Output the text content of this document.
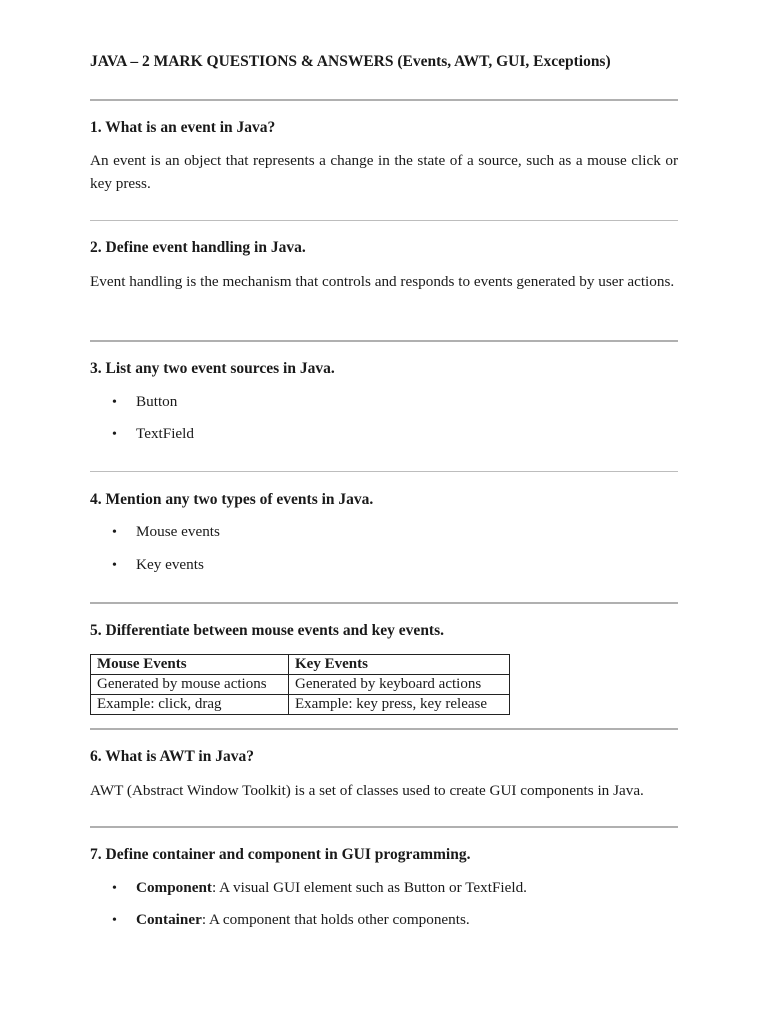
JAVA – 2 MARK QUESTIONS & ANSWERS (Events, AWT, GUI, Exceptions)
1. What is an event in Java?
An event is an object that represents a change in the state of a source, such as a mouse click or key press.
2. Define event handling in Java.
Event handling is the mechanism that controls and responds to events generated by user actions.
3. List any two event sources in Java.
• Button
• TextField
4. Mention any two types of events in Java.
• Mouse events
• Key events
5. Differentiate between mouse events and key events.
Mouse Events	Key Events
Generated by mouse actions	Generated by keyboard actions
Example: click, drag	Example: key press, key release
6. What is AWT in Java?
AWT (Abstract Window Toolkit) is a set of classes used to create GUI components in Java.
7. Define container and component in GUI programming.
• Component: A visual GUI element such as Button or TextField.
• Container: A component that holds other components.
